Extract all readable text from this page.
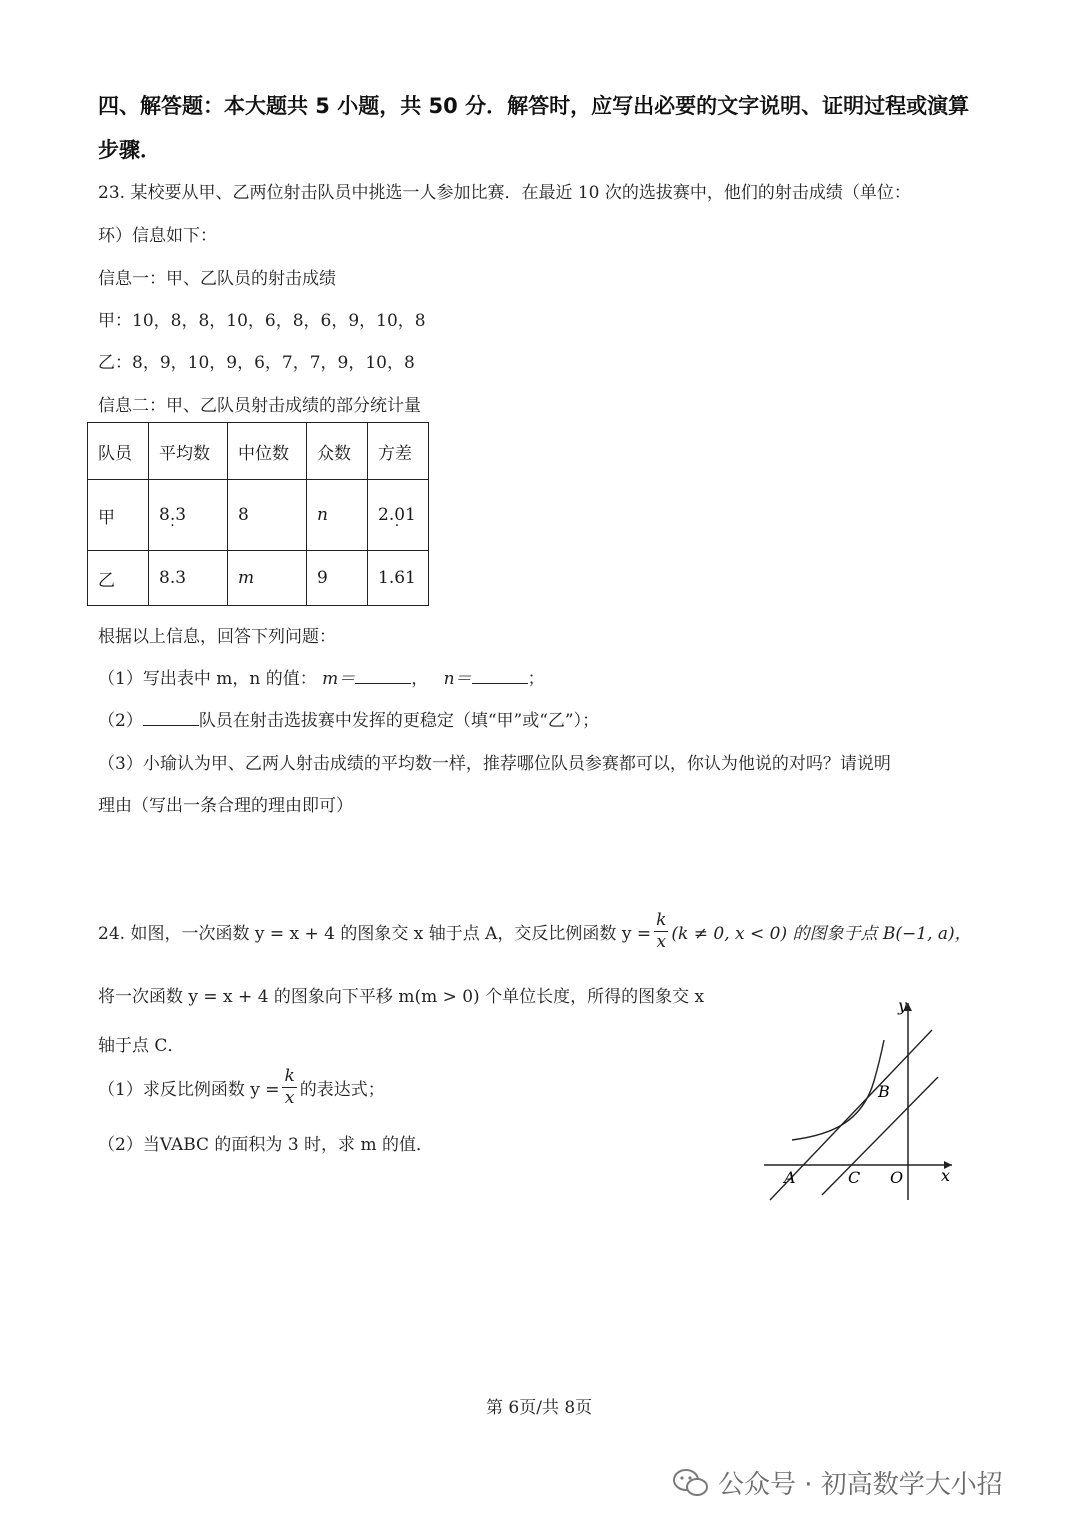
四、解答题：本大题共 5 小题，共 50 分．解答时，应写出必要的文字说明、证明过程或演算
步骤．
23. 某校要从甲、乙两位射击队员中挑选一人参加比赛．在最近 10 次的选拔赛中，他们的射击成绩（单位：
环）信息如下：
信息一：甲、乙队员的射击成绩
甲：10，8，8，10，6，8，6，9，10，8
乙：8，9，10，9，6，7，7，9，10，8
信息二：甲、乙队员射击成绩的部分统计量
队员	平均数	中位数	众数	方差
甲	8.3 ·	8	n	2.01 ·
乙	8.3	m	9	1.61
根据以上信息，回答下列问题：
（1）写出表中 m，n 的值： m＝	， n＝	；
（2）	队员在射击选拔赛中发挥的更稳定（填“甲”或“乙”）；
（3）小瑜认为甲、乙两人射击成绩的平均数一样，推荐哪位队员参赛都可以，你认为他说的对吗？请说明
理由（写出一条合理的理由即可）
24. 如图，一次函数 y = x + 4 的图象交 x 轴于点 A，交反比例函数 $y = \frac{k}{x} (k \ne 0$, x < 0) 的图象于点 B(−1, a)，
将一次函数 y = x + 4 的图象向下平移 m(m > 0) 个单位长度，所得的图象交 x
轴于点 C．
（1）求反比例函数 $y = \frac{k}{x}$ 的表达式；
（2）当VABC 的面积为 3 时，求 m 的值．
y
x
A
B
C O
第 6页/共 8页
公众号 · 初高数学大小招
